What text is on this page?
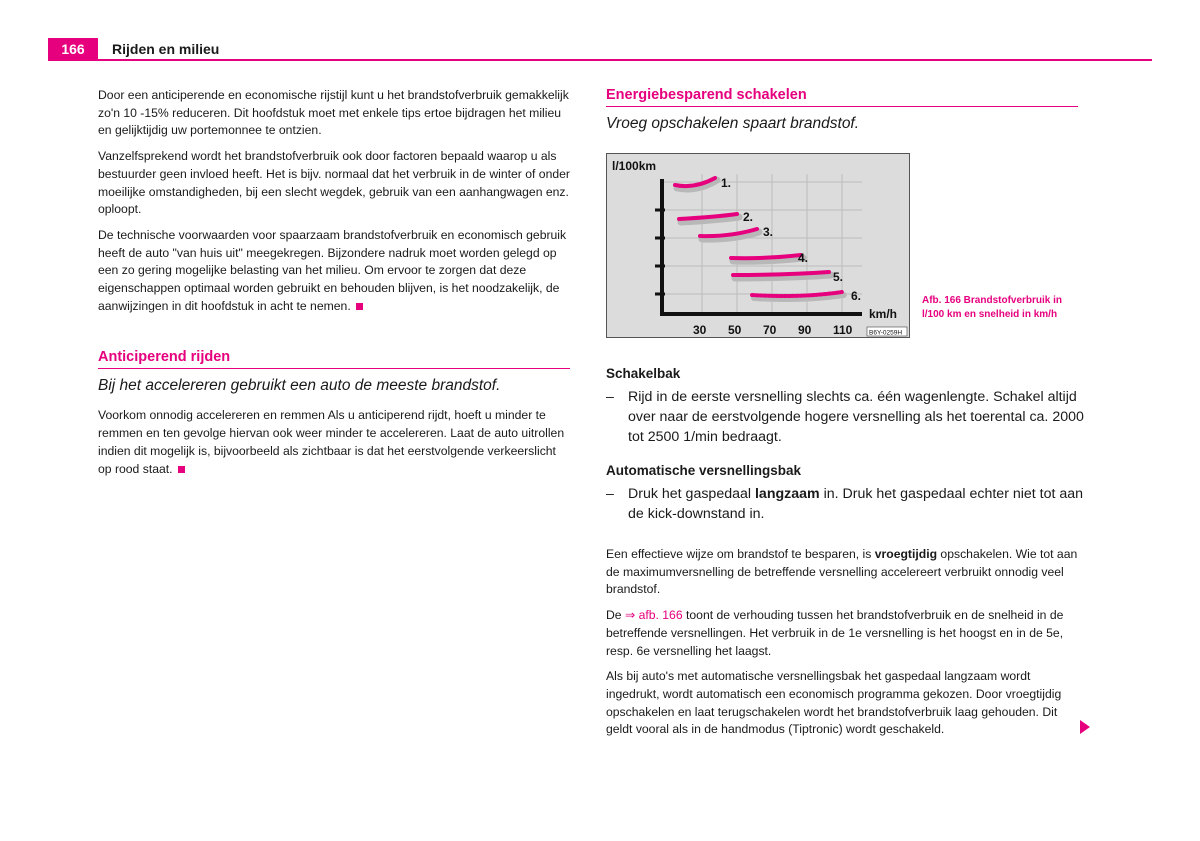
166	Rijden en milieu

Door een anticiperende en economische rijstijl kunt u het brandstofverbruik gemakkelijk zo'n 10 -15% reduceren. Dit hoofdstuk moet met enkele tips ertoe bijdragen het milieu en gelijktijdig uw portemonnee te ontzien.

Vanzelfsprekend wordt het brandstofverbruik ook door factoren bepaald waarop u als bestuurder geen invloed heeft. Het is bijv. normaal dat het verbruik in de winter of onder moeilijke omstandigheden, bij een slecht wegdek, gebruik van een aanhangwagen enz. oploopt.

De technische voorwaarden voor spaarzaam brandstofverbruik en economisch gebruik heeft de auto "van huis uit" meegekregen. Bijzondere nadruk moet worden gelegd op een zo gering mogelijke belasting van het milieu. Om ervoor te zorgen dat deze eigenschappen optimaal worden gebruikt en behouden blijven, is het noodzakelijk, de aanwijzingen in dit hoofdstuk in acht te nemen.

Anticiperend rijden
Bij het accelereren gebruikt een auto de meeste brandstof.

Voorkom onnodig accelereren en remmen Als u anticiperend rijdt, hoeft u minder te remmen en ten gevolge hiervan ook weer minder te accelereren. Laat de auto uitrollen indien dit mogelijk is, bijvoorbeeld als zichtbaar is dat het eerstvolgende verkeerslicht op rood staat.

Energiebesparend schakelen
Vroeg opschakelen spaart brandstof.
l/100km
km/h
30 50 70 90 110
1.
2.
3.
4.
5.
6.
B6Y-0259H
Afb. 166 Brandstofverbruik in l/100 km en snelheid in km/h
Schakelbak
– Rijd in de eerste versnelling slechts ca. één wagenlengte. Schakel altijd over naar de eerstvolgende hogere versnelling als het toerental ca. 2000 tot 2500 1/min bedraagt.
Automatische versnellingsbak
– Druk het gaspedaal langzaam in. Druk het gaspedaal echter niet tot aan de kick-downstand in.

Een effectieve wijze om brandstof te besparen, is vroegtijdig opschakelen. Wie tot aan de maximumversnelling de betreffende versnelling accelereert verbruikt onnodig veel brandstof.

De ⇒ afb. 166 toont de verhouding tussen het brandstofverbruik en de snelheid in de betreffende versnellingen. Het verbruik in de 1e versnelling is het hoogst en in de 5e, resp. 6e versnelling het laagst.

Als bij auto's met automatische versnellingsbak het gaspedaal langzaam wordt ingedrukt, wordt automatisch een economisch programma gekozen. Door vroegtijdig opschakelen en laat terugschakelen wordt het brandstofverbruik laag gehouden. Dit geldt vooral als in de handmodus (Tiptronic) wordt geschakeld.
